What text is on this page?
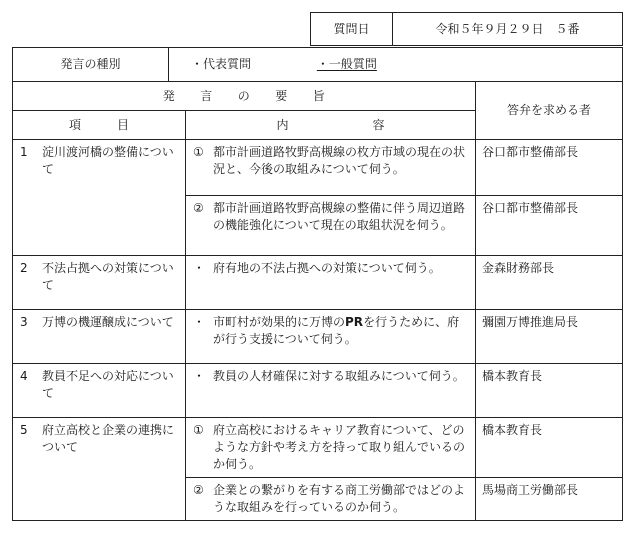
質問日	令和５年９月２９日　５番
発言の種別	・代表質問	・一般質問
発　　言　　の　　要　　旨		答弁を求める者
項　　　目	内　　　　　　　容	

1 淀川渡河橋の整備について	① 都市計画道路牧野高槻線の枚方市域の現在の状況と、今後の取組みについて伺う。	谷口都市整備部長

	② 都市計画道路牧野高槻線の整備に伴う周辺道路の機能強化について現在の取組状況を伺う。	谷口都市整備部長

2 不法占拠への対策について	・ 府有地の不法占拠への対策について伺う。	金森財務部長

3 万博の機運醸成について	・ 市町村が効果的に万博のPRを行うために、府が行う支援について伺う。	彌園万博推進局長

4 教員不足への対応について	・ 教員の人材確保に対する取組みについて伺う。	橋本教育長

5 府立高校と企業の連携について	① 府立高校におけるキャリア教育について、どのような方針や考え方を持って取り組んでいるのか伺う。	橋本教育長

	② 企業との繋がりを有する商工労働部ではどのような取組みを行っているのか伺う。	馬場商工労働部長
